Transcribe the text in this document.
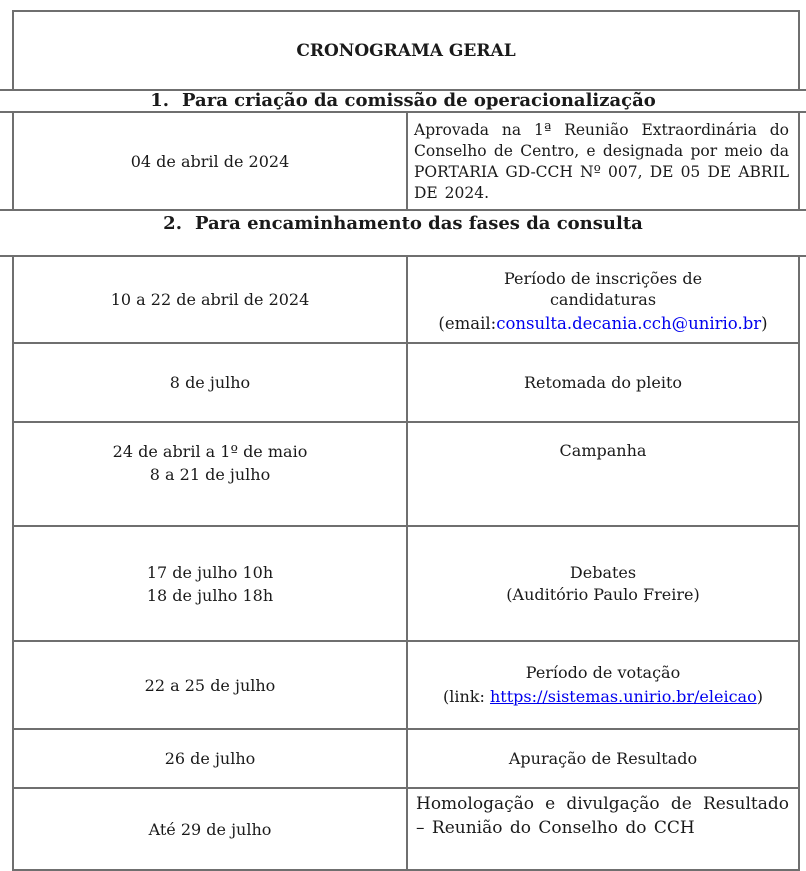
CRONOGRAMA GERAL
1. Para criação da comissão de operacionalização
04 de abril de 2024
Aprovada na 1ª Reunião Extraordinária do Conselho de Centro, e designada por meio da PORTARIA GD-CCH Nº 007, DE 05 DE ABRIL DE 2024.
2. Para encaminhamento das fases da consulta
10 a 22 de abril de 2024
Período de inscrições de
candidaturas
(email:consulta.decania.cch@unirio.br)
8 de julho	Retomada do pleito
24 de abril a 1º de maio
8 a 21 de julho
Campanha
17 de julho 10h
18 de julho 18h
Debates
(Auditório Paulo Freire)
22 a 25 de julho
Período de votação
(link: https://sistemas.unirio.br/eleicao)
26 de julho	Apuração de Resultado
Até 29 de julho
Homologação e divulgação de Resultado – Reunião do Conselho do CCH
